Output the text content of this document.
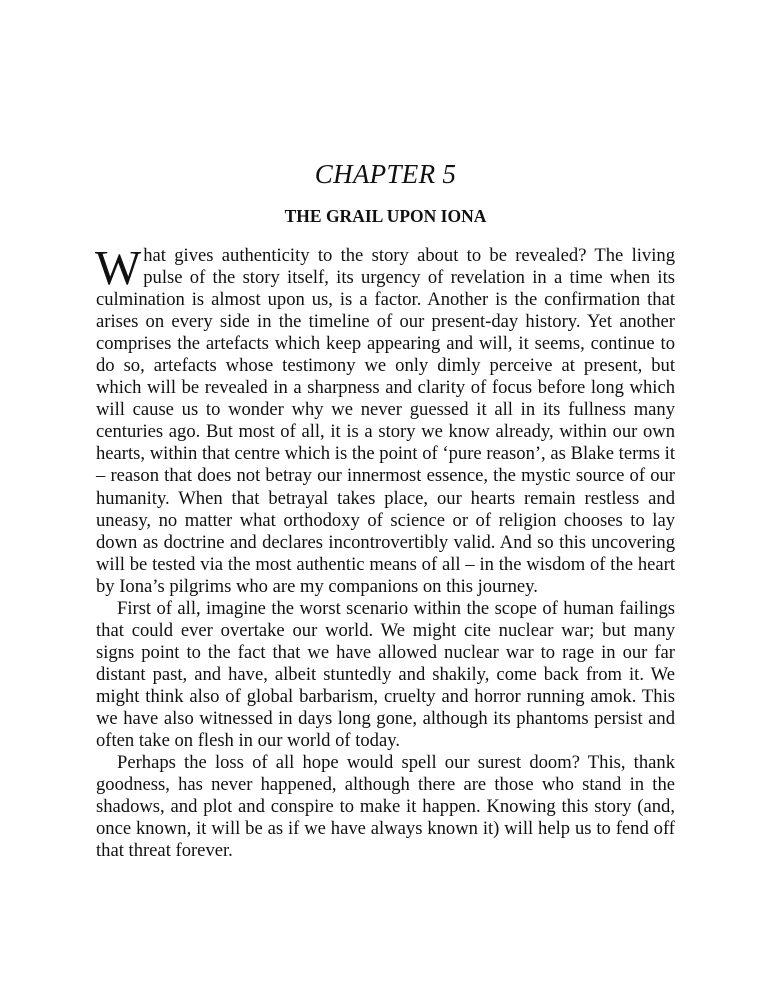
CHAPTER 5
THE GRAIL UPON IONA

What gives authenticity to the story about to be revealed? The living pulse of the story itself, its urgency of revelation in a time when its culmination is almost upon us, is a factor. Another is the confirmation that arises on every side in the timeline of our present-day history. Yet another comprises the artefacts which keep appearing and will, it seems, continue to do so, artefacts whose testimony we only dimly perceive at present, but which will be revealed in a sharpness and clarity of focus before long which will cause us to wonder why we never guessed it all in its fullness many centuries ago. But most of all, it is a story we know already, within our own hearts, within that centre which is the point of ‘pure reason’, as Blake terms it – reason that does not betray our innermost essence, the mystic source of our humanity. When that betrayal takes place, our hearts remain restless and uneasy, no matter what orthodoxy of science or of religion chooses to lay down as doctrine and declares incontrovertibly valid. And so this uncovering will be tested via the most authentic means of all – in the wisdom of the heart by Iona’s pilgrims who are my companions on this journey.

First of all, imagine the worst scenario within the scope of human failings that could ever overtake our world. We might cite nuclear war; but many signs point to the fact that we have allowed nuclear war to rage in our far distant past, and have, albeit stuntedly and shakily, come back from it. We might think also of global barbarism, cruelty and horror running amok. This we have also witnessed in days long gone, although its phantoms persist and often take on flesh in our world of today.

Perhaps the loss of all hope would spell our surest doom? This, thank goodness, has never happened, although there are those who stand in the shadows, and plot and conspire to make it happen. Knowing this story (and, once known, it will be as if we have always known it) will help us to fend off that threat forever.
